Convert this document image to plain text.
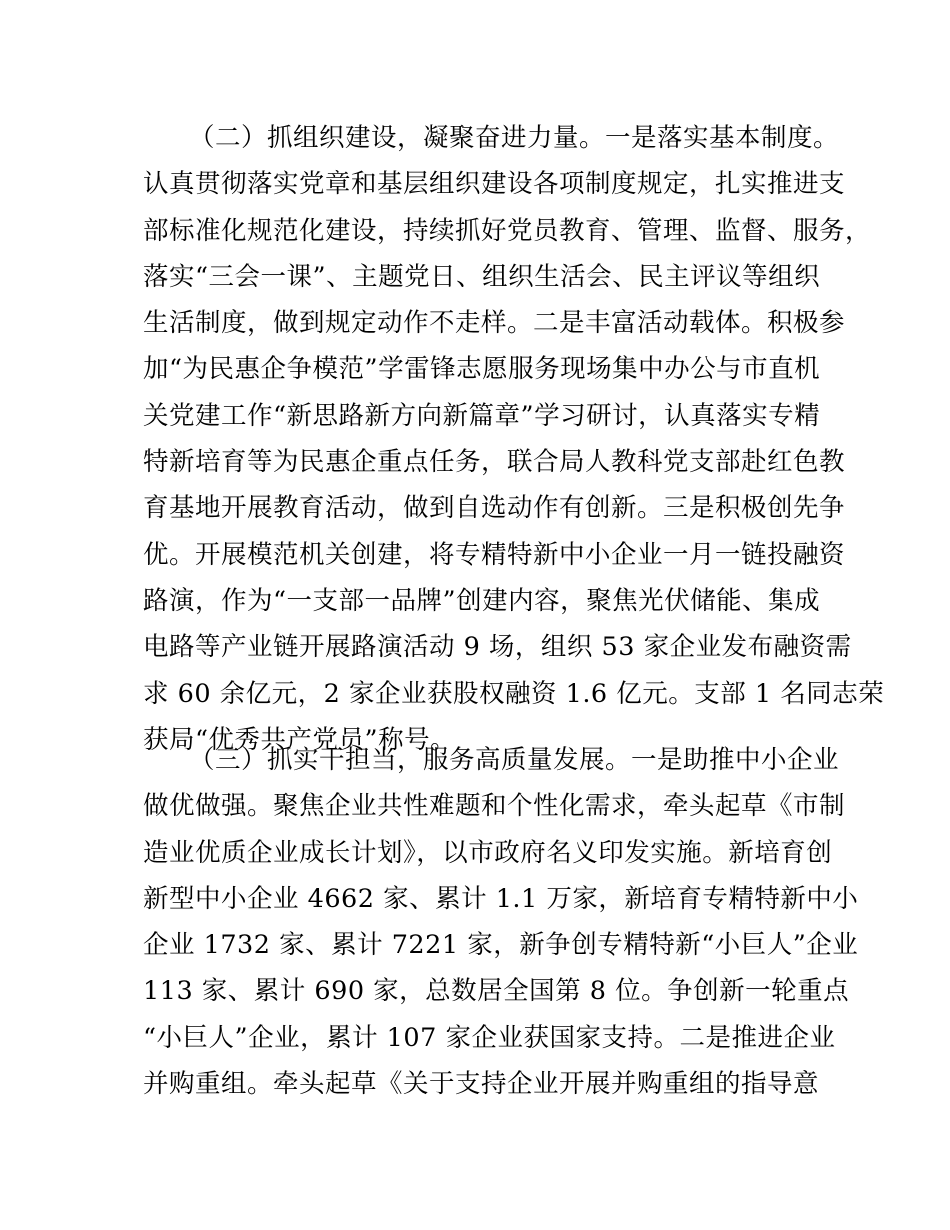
（二）抓组织建设，凝聚奋进力量。一是落实基本制度。
认真贯彻落实党章和基层组织建设各项制度规定，扎实推进支
部标准化规范化建设，持续抓好党员教育、管理、监督、服务，
落实“三会一课”、主题党日、组织生活会、民主评议等组织
生活制度，做到规定动作不走样。二是丰富活动载体。积极参
加“为民惠企争模范”学雷锋志愿服务现场集中办公与市直机
关党建工作“新思路新方向新篇章”学习研讨，认真落实专精
特新培育等为民惠企重点任务，联合局人教科党支部赴红色教
育基地开展教育活动，做到自选动作有创新。三是积极创先争
优。开展模范机关创建，将专精特新中小企业一月一链投融资
路演，作为“一支部一品牌”创建内容，聚焦光伏储能、集成
电路等产业链开展路演活动 9 场，组织 53 家企业发布融资需
求 60 余亿元，2 家企业获股权融资 1.6 亿元。支部 1 名同志荣
获局“优秀共产党员”称号。
（三）抓实干担当，服务高质量发展。一是助推中小企业
做优做强。聚焦企业共性难题和个性化需求，牵头起草《市制
造业优质企业成长计划》，以市政府名义印发实施。新培育创
新型中小企业 4662 家、累计 1.1 万家，新培育专精特新中小
企业 1732 家、累计 7221 家，新争创专精特新“小巨人”企业
113 家、累计 690 家，总数居全国第 8 位。争创新一轮重点
“小巨人”企业，累计 107 家企业获国家支持。二是推进企业
并购重组。牵头起草《关于支持企业开展并购重组的指导意
